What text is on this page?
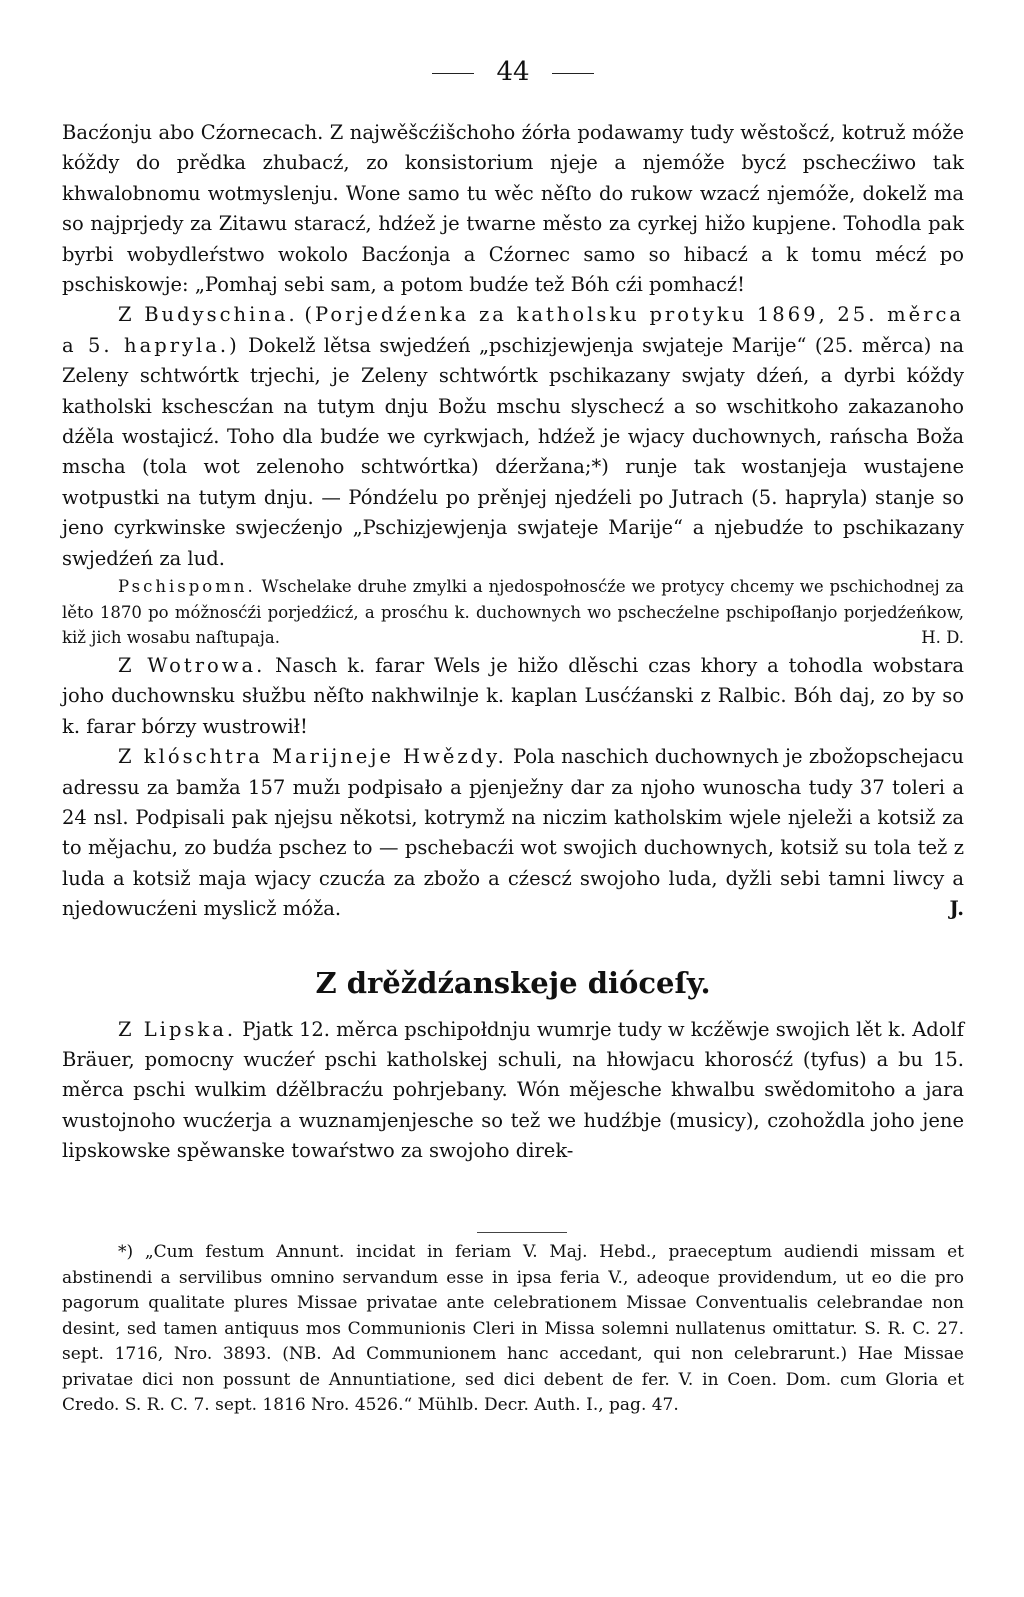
44

Bacźonju abo Cźornecach. Z najwěšcźišchoho źórła podawamy tudy wěstošcź, kotruž móže kóždy do prědka zhubacź, zo konsistorium njeje a njemóže bycź pschecźiwo tak khwalobnomu wotmyslenju. Wone samo tu wěc něſto do rukow wzacź njemóže, dokelž ma so najprjedy za Zitawu staracź, hdźež je twarne město za cyrkej hižo kupjene. Tohodla pak byrbi wobydleŕstwo wokolo Bacźonja a Cźornec samo so hibacź a k tomu mécź po pschiskowje: „Pomhaj sebi sam, a potom budźe tež Bóh cźi pomhacź!

Z Budyschina. (Porjedźenka za katholsku protyku 1869, 25. měrca a 5. hapryla.) Dokelž lětsa swjedźeń „pschizjewjenja swjateje Marije“ (25. měrca) na Zeleny schtwórtk trjechi, je Zeleny schtwórtk pschikazany swjaty dźeń, a dyrbi kóždy katholski kschescźan na tutym dnju Božu mschu slyschecź a so wschitkoho zakazanoho dźěla wostajicź. Toho dla budźe we cyrkwjach, hdźež je wjacy duchownych, rańscha Boža mscha (tola wot zelenoho schtwórtka) dźeržana;*) runje tak wostanjeja wustajene wotpustki na tutym dnju. — Póndźelu po prěnjej njedźeli po Jutrach (5. hapryla) stanje so jeno cyrkwinske swjecźenjo „Pschizjewjenja swjateje Marije“ a njebudźe to pschikazany swjedźeń za lud.

Pschispomn. Wschelake druhe zmylki a njedospołnosćźe we protycy chcemy we pschichodnej za lěto 1870 po móžnosćźi porjedźicź, a prosćhu k. duchownych wo pschecźelne pschipoſłanjo porjedźeńkow, kiž jich wosabu naſtupaja.	H. D.

Z Wotrowa. Nasch k. farar Wels je hižo dlěschi czas khory a tohodla wobstara joho duchownsku słužbu něſto nakhwilnje k. kaplan Lusćźanski z Ralbic. Bóh daj, zo by so k. farar bórzy wustrowił!

Z klóschtra Marijneje Hwězdy. Pola naschich duchownych je zbožopschejacu adressu za bamža 157 mužı podpisało a pjenježny dar za njoho wunoscha tudy 37 toleri a 24 nsl. Podpisali pak njejsu někotsi, kotrymž na niczim katholskim wjele njeleži a kotsiž za to mějachu, zo budźa pschez to — pschebacźi wot swojich duchownych, kotsiž su tola tež z luda a kotsiž maja wjacy czucźa za zbožo a cźescź swojoho luda, dyžli sebi tamni liwcy a njedowucźeni myslicž móža.	J.

Z drěždźanskeje dióceſy.

Z Lipska. Pjatk 12. měrca pschipołdnju wumrje tudy w kcźěwje swojich lět k. Adolf Bräuer, pomocny wucźeŕ pschi katholskej schuli, na hłowjacu khorosćź (tyfus) a bu 15. měrca pschi wulkim dźělbracźu pohrjebany. Wón mějesche khwalbu swědomitoho a jara wustojnoho wucźerja a wuznamjenjesche so tež we hudźbje (musicy), czohoždla joho jene lipskowske spěwanske towaŕstwo za swojoho direk-

*) „Cum festum Annunt. incidat in feriam V. Maj. Hebd., praeceptum audiendi missam et abstinendi a servilibus omnino servandum esse in ipsa feria V., adeoque providendum, ut eo die pro pagorum qualitate plures Missae privatae ante celebrationem Missae Conventualis celebrandae non desint, sed tamen antiquus mos Communionis Cleri in Missa solemni nullatenus omittatur. S. R. C. 27. sept. 1716, Nro. 3893. (NB. Ad Communionem hanc accedant, qui non celebrarunt.) Hae Missae privatae dici non possunt de Annuntiatione, sed dici debent de fer. V. in Coen. Dom. cum Gloria et Credo. S. R. C. 7. sept. 1816 Nro. 4526.“ Mühlb. Decr. Auth. I., pag. 47.
